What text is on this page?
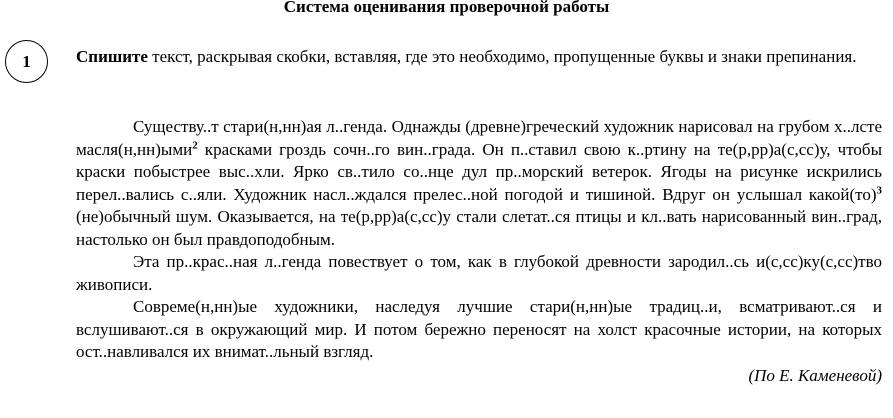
Система оценивания проверочной работы
1	Спишите текст, раскрывая скобки, вставляя, где это необходимо, пропущенные буквы и знаки препинания.

Существу..т стари(н,нн)ая л..генда. Однажды (древне)греческий художник нарисовал на грубом х..лсте масля(н,нн)ыми$^2$ красками гроздь сочн..го вин..града. Он п..ставил свою к..ртину на те(р,рр)а(с,сс)у, чтобы краски побыстрее выс..хли. Ярко св..тило со..нце дул пр..морский ветерок. Ягоды на рисунке искрились перел..вались с..яли. Художник насл..ждался прелес..ной погодой и тишиной. Вдруг он услышал какой(то)$^3$ (не)обычный шум. Оказывается, на те(р,рр)а(с,сс)у стали слетат..ся птицы и кл..вать нарисованный вин..град, настолько он был правдоподобным.

Эта пр..крас..ная л..генда повествует о том, как в глубокой древности зародил..сь и(с,сс)ку(с,сс)тво живописи.

Совреме(н,нн)ые художники, наследуя лучшие стари(н,нн)ые традиц..и, всматривают..ся и вслушивают..ся в окружающий мир. И потом бережно переносят на холст красочные истории, на которых ост..навливался их внимат..льный взгляд.

(По Е. Каменевой)
